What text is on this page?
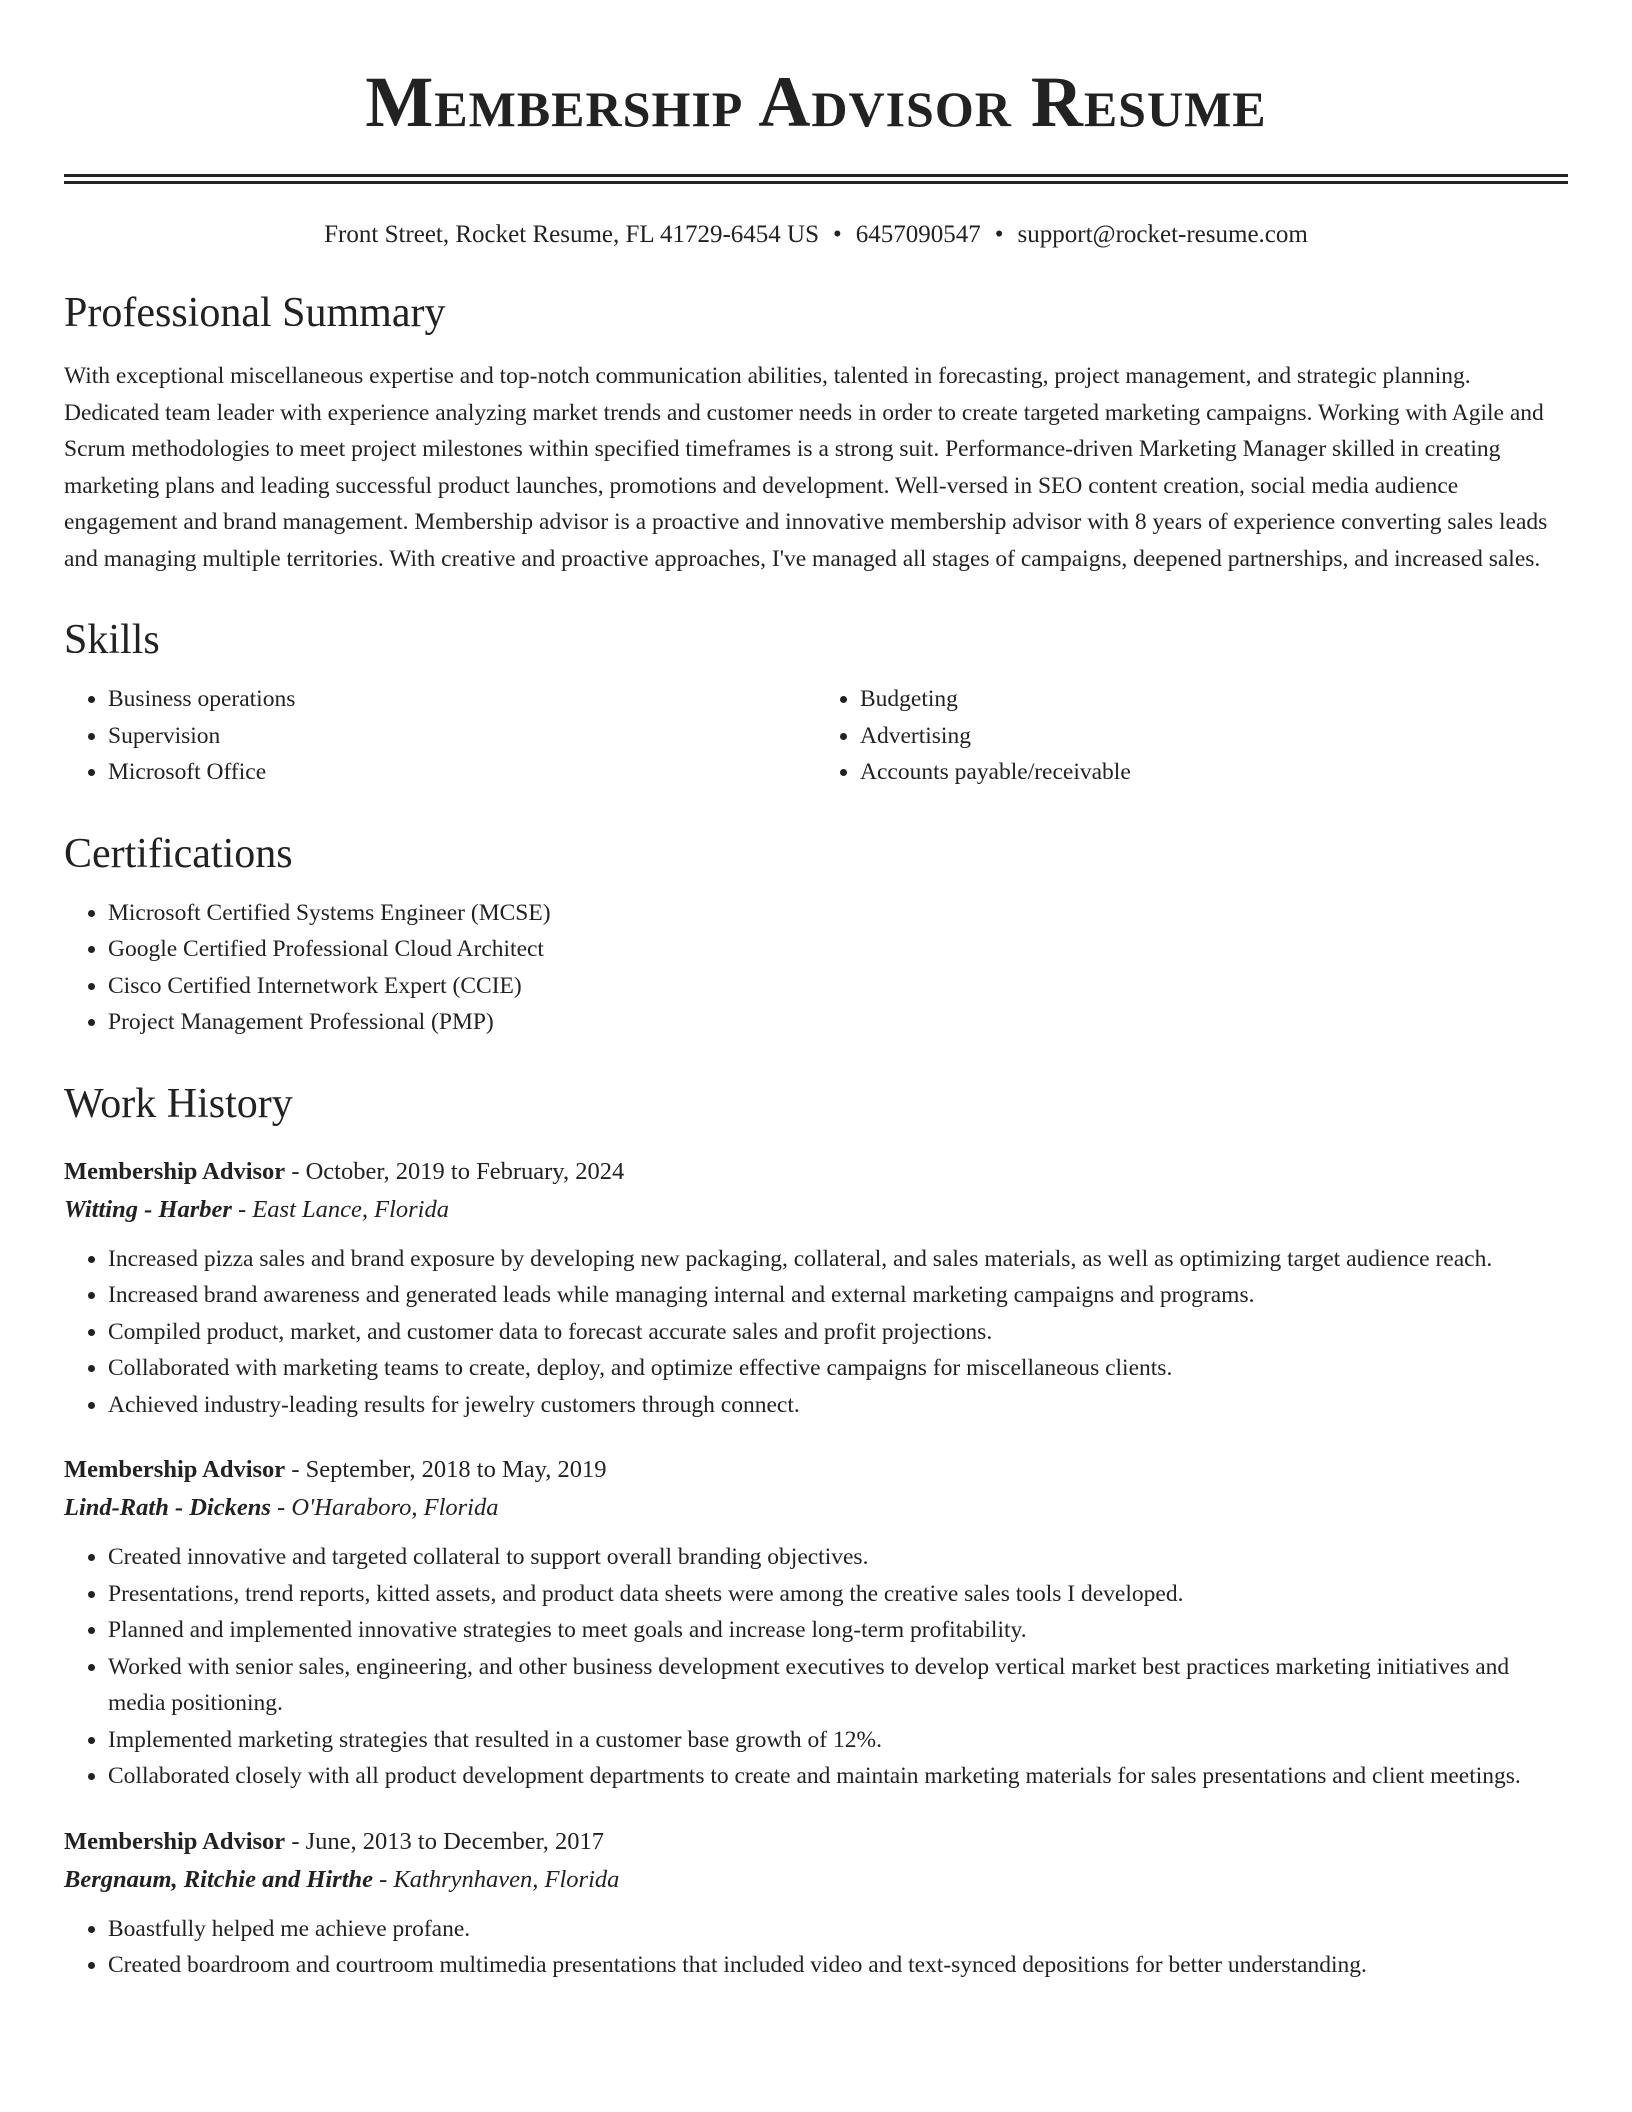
Membership Advisor Resume
Front Street, Rocket Resume, FL 41729-6454 US • 6457090547 • support@rocket-resume.com
Professional Summary

With exceptional miscellaneous expertise and top-notch communication abilities, talented in forecasting, project management, and strategic planning. Dedicated team leader with experience analyzing market trends and customer needs in order to create targeted marketing campaigns. Working with Agile and Scrum methodologies to meet project milestones within specified timeframes is a strong suit. Performance-driven Marketing Manager skilled in creating marketing plans and leading successful product launches, promotions and development. Well-versed in SEO content creation, social media audience engagement and brand management. Membership advisor is a proactive and innovative membership advisor with 8 years of experience converting sales leads and managing multiple territories. With creative and proactive approaches, I've managed all stages of campaigns, deepened partnerships, and increased sales.

Skills
• Business operations
• Supervision
• Microsoft Office
• Budgeting
• Advertising
• Accounts payable/receivable
Certifications
• Microsoft Certified Systems Engineer (MCSE)
• Google Certified Professional Cloud Architect
• Cisco Certified Internetwork Expert (CCIE)
• Project Management Professional (PMP)
Work History
Membership Advisor - October, 2019 to February, 2024
Witting - Harber - East Lance, Florida
• Increased pizza sales and brand exposure by developing new packaging, collateral, and sales materials, as well as optimizing target audience reach.
• Increased brand awareness and generated leads while managing internal and external marketing campaigns and programs.
• Compiled product, market, and customer data to forecast accurate sales and profit projections.
• Collaborated with marketing teams to create, deploy, and optimize effective campaigns for miscellaneous clients.
• Achieved industry-leading results for jewelry customers through connect.
Membership Advisor - September, 2018 to May, 2019
Lind-Rath - Dickens - O'Haraboro, Florida
• Created innovative and targeted collateral to support overall branding objectives.
• Presentations, trend reports, kitted assets, and product data sheets were among the creative sales tools I developed.
• Planned and implemented innovative strategies to meet goals and increase long-term profitability.
• Worked with senior sales, engineering, and other business development executives to develop vertical market best practices marketing initiatives and media positioning.
• Implemented marketing strategies that resulted in a customer base growth of 12%.
• Collaborated closely with all product development departments to create and maintain marketing materials for sales presentations and client meetings.
Membership Advisor - June, 2013 to December, 2017
Bergnaum, Ritchie and Hirthe - Kathrynhaven, Florida
• Boastfully helped me achieve profane.
• Created boardroom and courtroom multimedia presentations that included video and text-synced depositions for better understanding.
